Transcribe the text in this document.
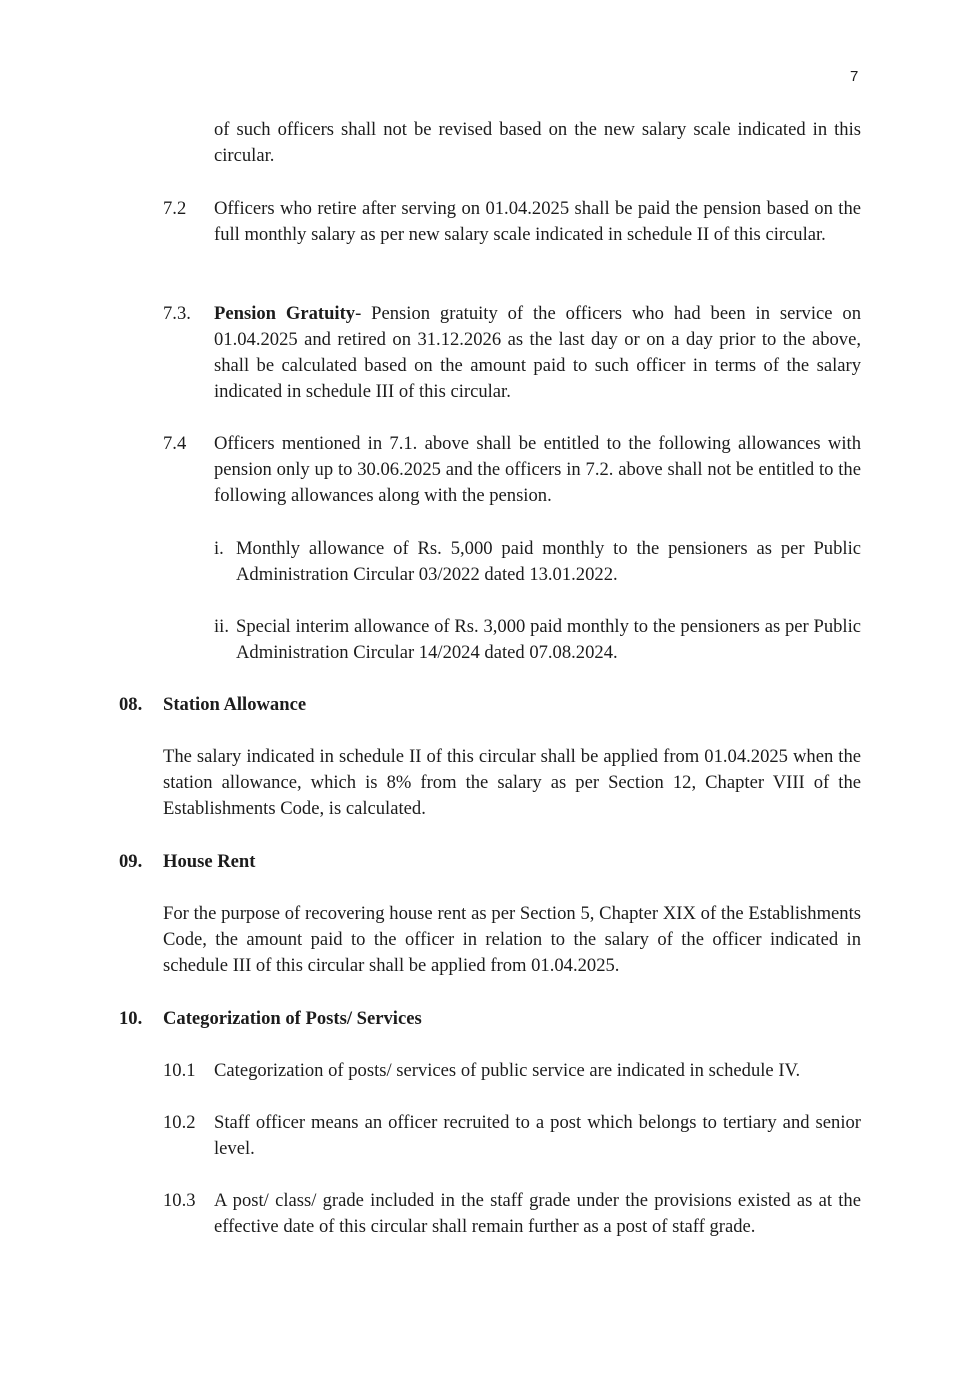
7

of such officers shall not be revised based on the new salary scale indicated in this circular.

7.2 Officers who retire after serving on 01.04.2025 shall be paid the pension based on the full monthly salary as per new salary scale indicated in schedule II of this circular.

7.3. Pension Gratuity- Pension gratuity of the officers who had been in service on 01.04.2025 and retired on 31.12.2026 as the last day or on a day prior to the above, shall be calculated based on the amount paid to such officer in terms of the salary indicated in schedule III of this circular.

7.4 Officers mentioned in 7.1. above shall be entitled to the following allowances with pension only up to 30.06.2025 and the officers in 7.2. above shall not be entitled to the following allowances along with the pension.

i. Monthly allowance of Rs. 5,000 paid monthly to the pensioners as per Public Administration Circular 03/2022 dated 13.01.2022.

ii. Special interim allowance of Rs. 3,000 paid monthly to the pensioners as per Public Administration Circular 14/2024 dated 07.08.2024.

08. Station Allowance

The salary indicated in schedule II of this circular shall be applied from 01.04.2025 when the station allowance, which is 8% from the salary as per Section 12, Chapter VIII of the Establishments Code, is calculated.

09. House Rent

For the purpose of recovering house rent as per Section 5, Chapter XIX of the Establishments Code, the amount paid to the officer in relation to the salary of the officer indicated in schedule III of this circular shall be applied from 01.04.2025.

10. Categorization of Posts/ Services
10.1 Categorization of posts/ services of public service are indicated in schedule IV.

10.2 Staff officer means an officer recruited to a post which belongs to tertiary and senior level.

10.3 A post/ class/ grade included in the staff grade under the provisions existed as at the effective date of this circular shall remain further as a post of staff grade.
